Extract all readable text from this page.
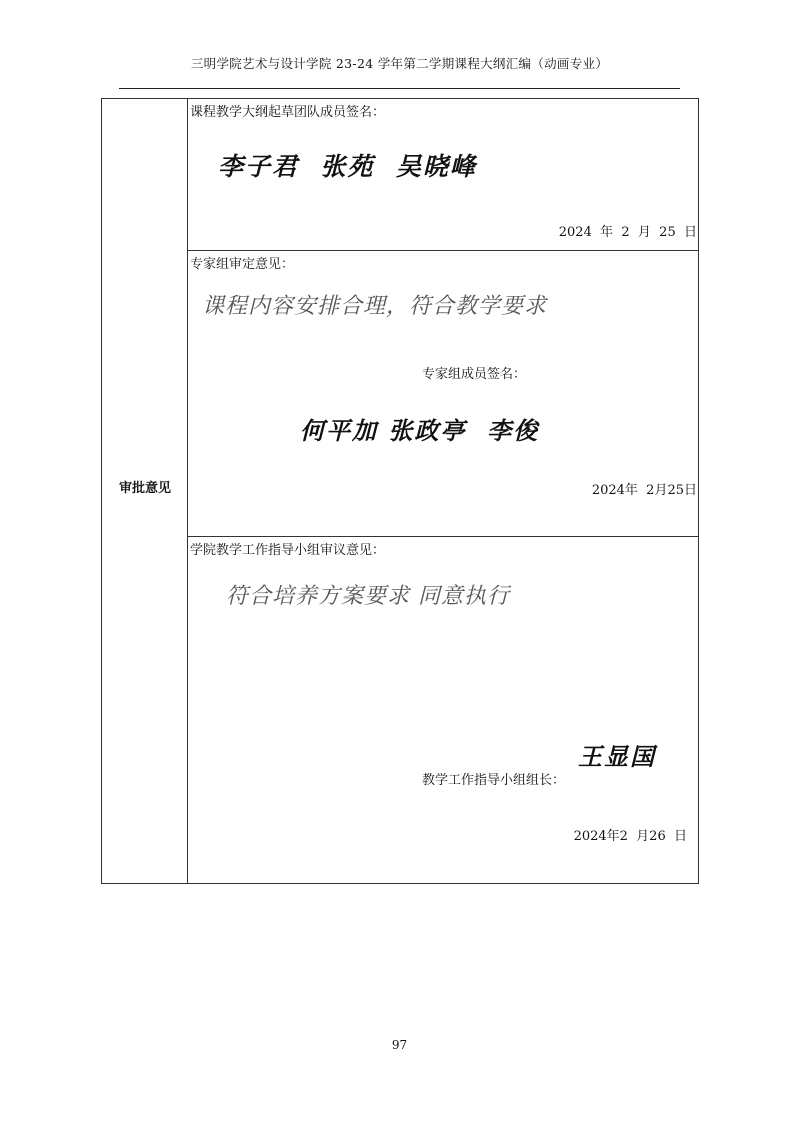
三明学院艺术与设计学院 23-24 学年第二学期课程大纲汇编（动画专业）
审批意见
课程教学大纲起草团队成员签名：
李子君  张苑  吴晓峰
2024  年  2  月  25  日
专家组审定意见：
课程内容安排合理，符合教学要求
专家组成员签名：
何平加 张政亭  李俊
2024年  2月25日
学院教学工作指导小组审议意见：
符合培养方案要求 同意执行
教学工作指导小组组长：
王显国
2024年2  月26  日
97
